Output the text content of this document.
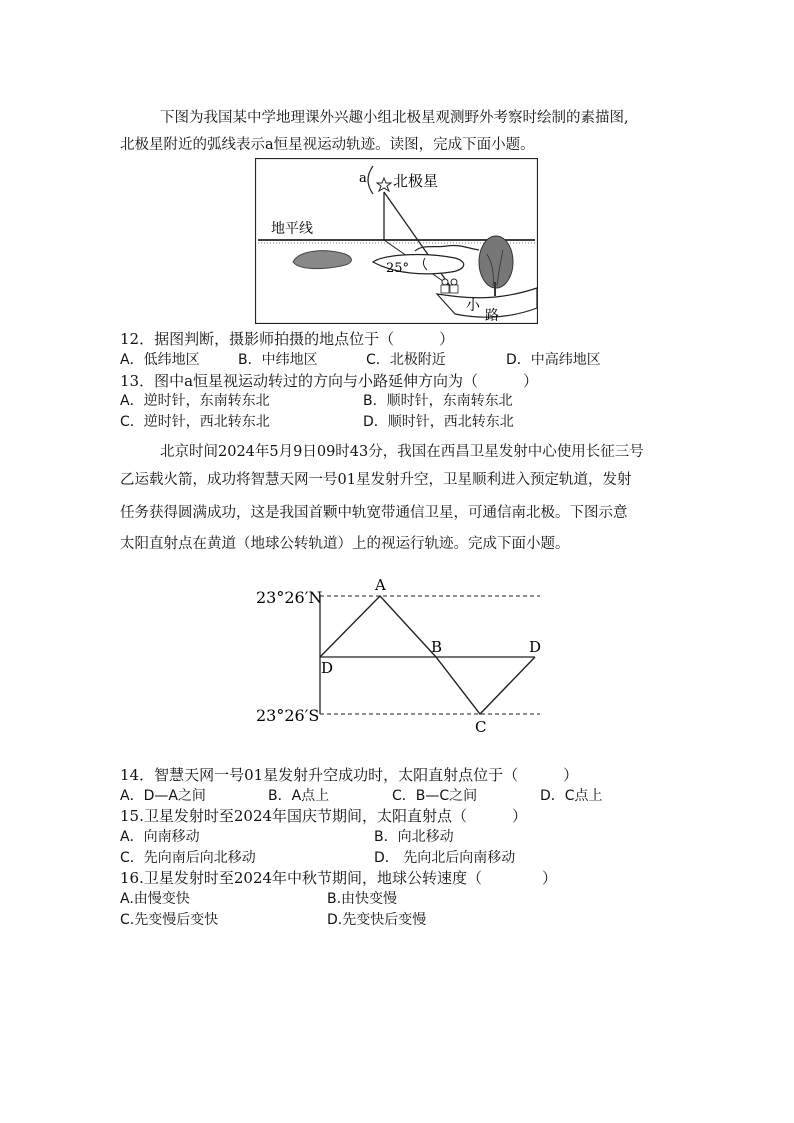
下图为我国某中学地理课外兴趣小组北极星观测野外考察时绘制的素描图,
北极星附近的弧线表示a恒星视运动轨迹。读图，完成下面小题。
a 北极星
地平线
25°
小
路
12．据图判断，摄影师拍摄的地点位于（　　　）
A．低纬地区	B．中纬地区	C．北极附近	D．中高纬地区
13．图中a恒星视运动转过的方向与小路延伸方向为（　　　）
A．逆时针，东南转东北	B．顺时针，东南转东北
C．逆时针，西北转东北	D．顺时针，西北转东北
北京时间2024年5月9日09时43分，我国在西昌卫星发射中心使用长征三号
乙运载火箭，成功将智慧天网一号01星发射升空，卫星顺利进入预定轨道，发射
任务获得圆满成功，这是我国首颗中轨宽带通信卫星，可通信南北极。下图示意
太阳直射点在黄道（地球公转轨道）上的视运行轨迹。完成下面小题。
23°26′N
23°26′S
A
B
C
D
D
14．智慧天网一号01星发射升空成功时，太阳直射点位于（　　　）
A．D—A之间	B．A点上	C．B—C之间	D．C点上
15.卫星发射时至2024年国庆节期间，太阳直射点（　　　）
A．向南移动	B．向北移动
C．先向南后向北移动	D． 先向北后向南移动
16.卫星发射时至2024年中秋节期间，地球公转速度（　　　　）
A.由慢变快	B.由快变慢
C.先变慢后变快	D.先变快后变慢
